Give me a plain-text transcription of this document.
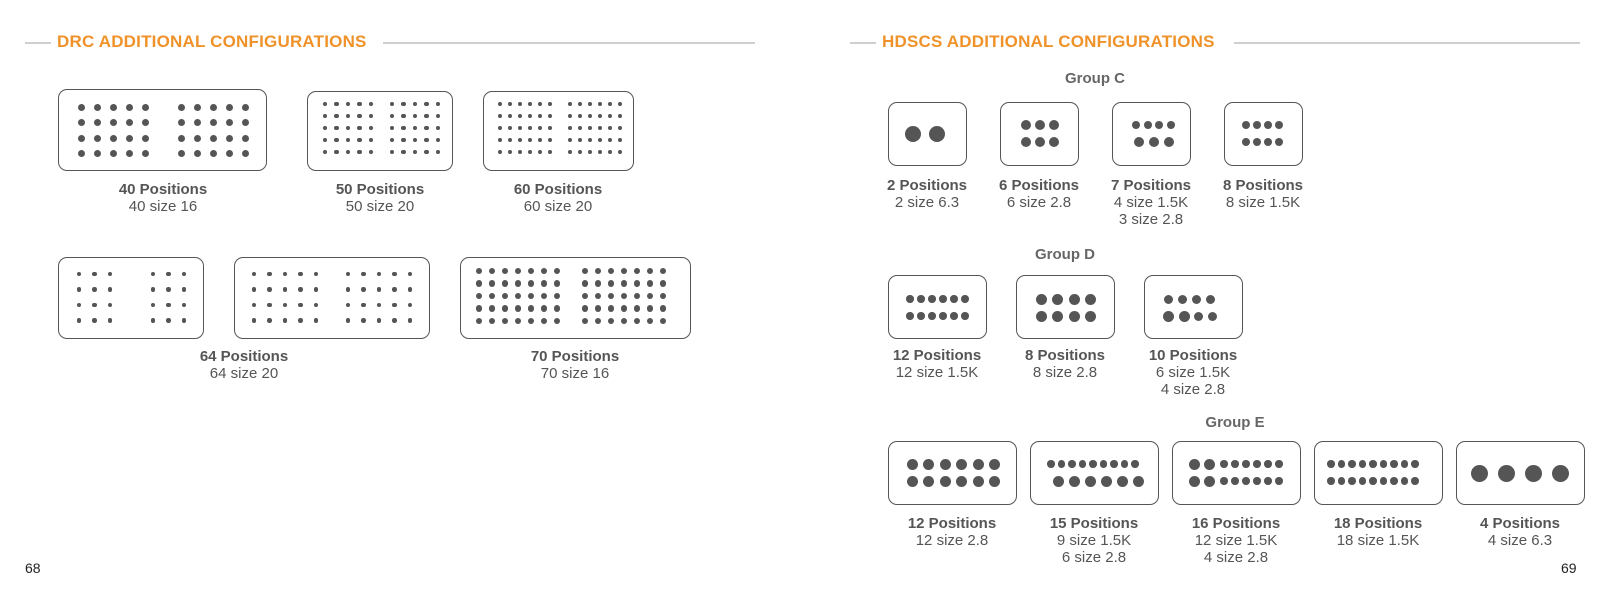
DRC ADDITIONAL CONFIGURATIONS	HDSCS ADDITIONAL CONFIGURATIONS
Group C
Group D
Group E
40 Positions
40 size 16
50 Positions
50 size 20
60 Positions
60 size 20
64 Positions
64 size 20
70 Positions
70 size 16
2 Positions
2 size 6.3
6 Positions
6 size 2.8
7 Positions
4 size 1.5K
3 size 2.8
8 Positions
8 size 1.5K
12 Positions
12 size 1.5K
8 Positions
8 size 2.8
10 Positions
6 size 1.5K
4 size 2.8
12 Positions
12 size 2.8
15 Positions
9 size 1.5K
6 size 2.8
16 Positions
12 size 1.5K
4 size 2.8
18 Positions
18 size 1.5K
4 Positions
4 size 6.3
68	69
